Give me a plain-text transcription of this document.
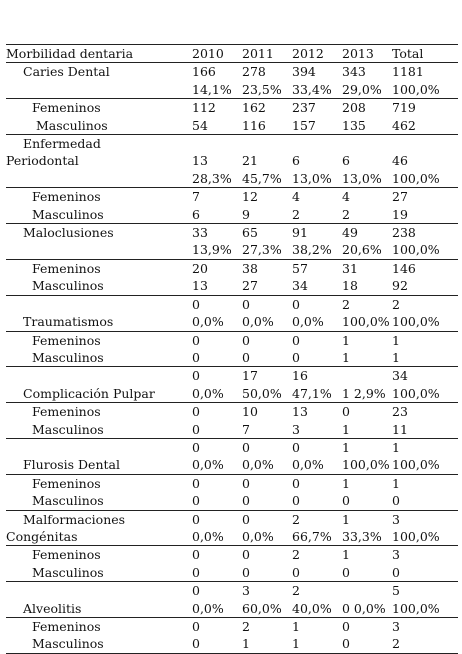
Morbilidad dentaria	2010	2011	2012	2013	Total
Caries Dental	166	278	394	343	1181
	14,1%	23,5%	33,4%	29,0%	100,0%
Femeninos	112	162	237	208	719
Masculinos	54	116	157	135	462
Enfermedad					
Periodontal	13	21	6	6	46
	28,3%	45,7%	13,0%	13,0%	100,0%
Femeninos	7	12	4	4	27
Masculinos	6	9	2	2	19
Maloclusiones	33	65	91	49	238
	13,9%	27,3%	38,2%	20,6%	100,0%
Femeninos	20	38	57	31	146
Masculinos	13	27	34	18	92
	0	0	0	2	2
Traumatismos	0,0%	0,0%	0,0%	100,0%	100,0%
Femeninos	0	0	0	1	1
Masculinos	0	0	0	1	1
	0	17	16		34
Complicación Pulpar	0,0%	50,0%	47,1%	1 2,9%	100,0%
Femeninos	0	10	13	0	23
Masculinos	0	7	3	1	11
	0	0	0	1	1
Flurosis Dental	0,0%	0,0%	0,0%	100,0%	100,0%
Femeninos	0	0	0	1	1
Masculinos	0	0	0	0	0
Malformaciones	0	0	2	1	3
Congénitas	0,0%	0,0%	66,7%	33,3%	100,0%
Femeninos	0	0	2	1	3
Masculinos	0	0	0	0	0
	0	3	2		5
Alveolitis	0,0%	60,0%	40,0%	0 0,0%	100,0%
Femeninos	0	2	1	0	3
Masculinos	0	1	1	0	2
